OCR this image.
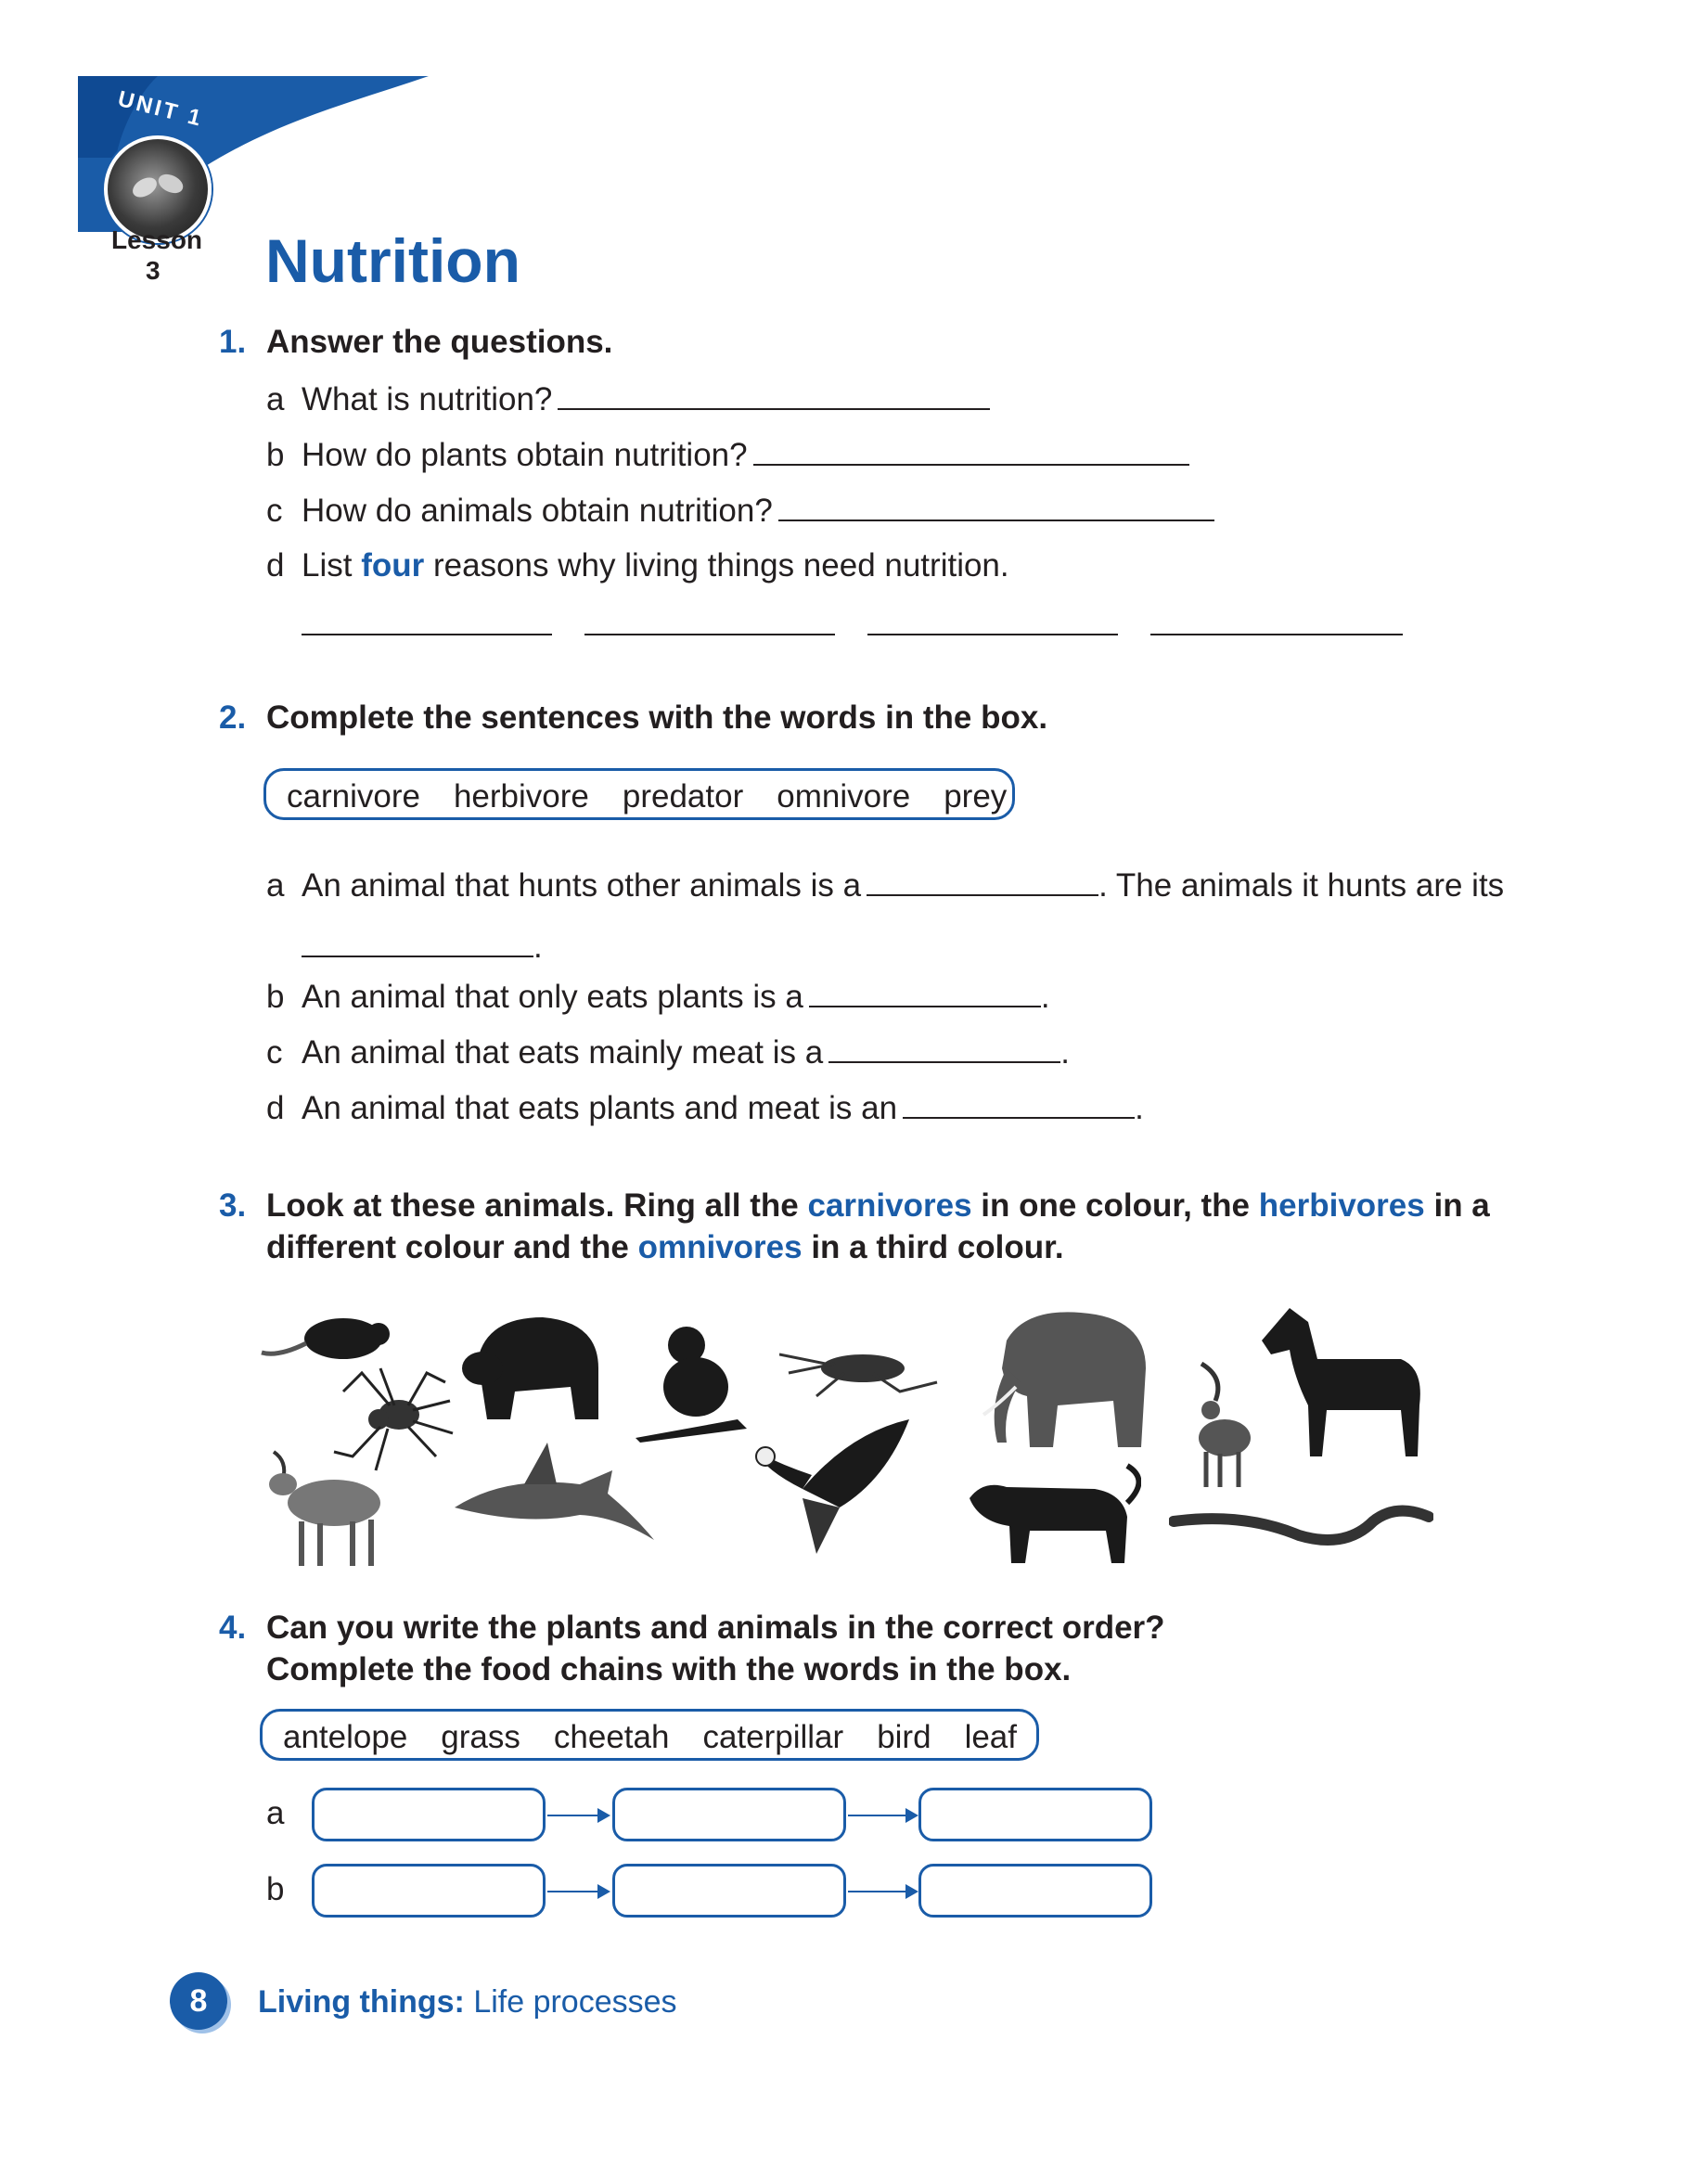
UNIT 1
Lesson
3 Nutrition
1. Answer the questions.
a What is nutrition?
b How do plants obtain nutrition?
c How do animals obtain nutrition?
d List four reasons why living things need nutrition.
2. Complete the sentences with the words in the box.
carnivore herbivore predator omnivore prey
a An animal that hunts other animals is a	. The animals it hunts are its
.
b An animal that only eats plants is a	.
c An animal that eats mainly meat is a	.
d An animal that eats plants and meat is an	.
3. Look at these animals. Ring all the carnivores in one colour, the herbivores in a
different colour and the omnivores in a third colour.
4. Can you write the plants and animals in the correct order?
Complete the food chains with the words in the box.
antelope grass cheetah caterpillar bird leaf
a
b
8	Living things: Life processes
